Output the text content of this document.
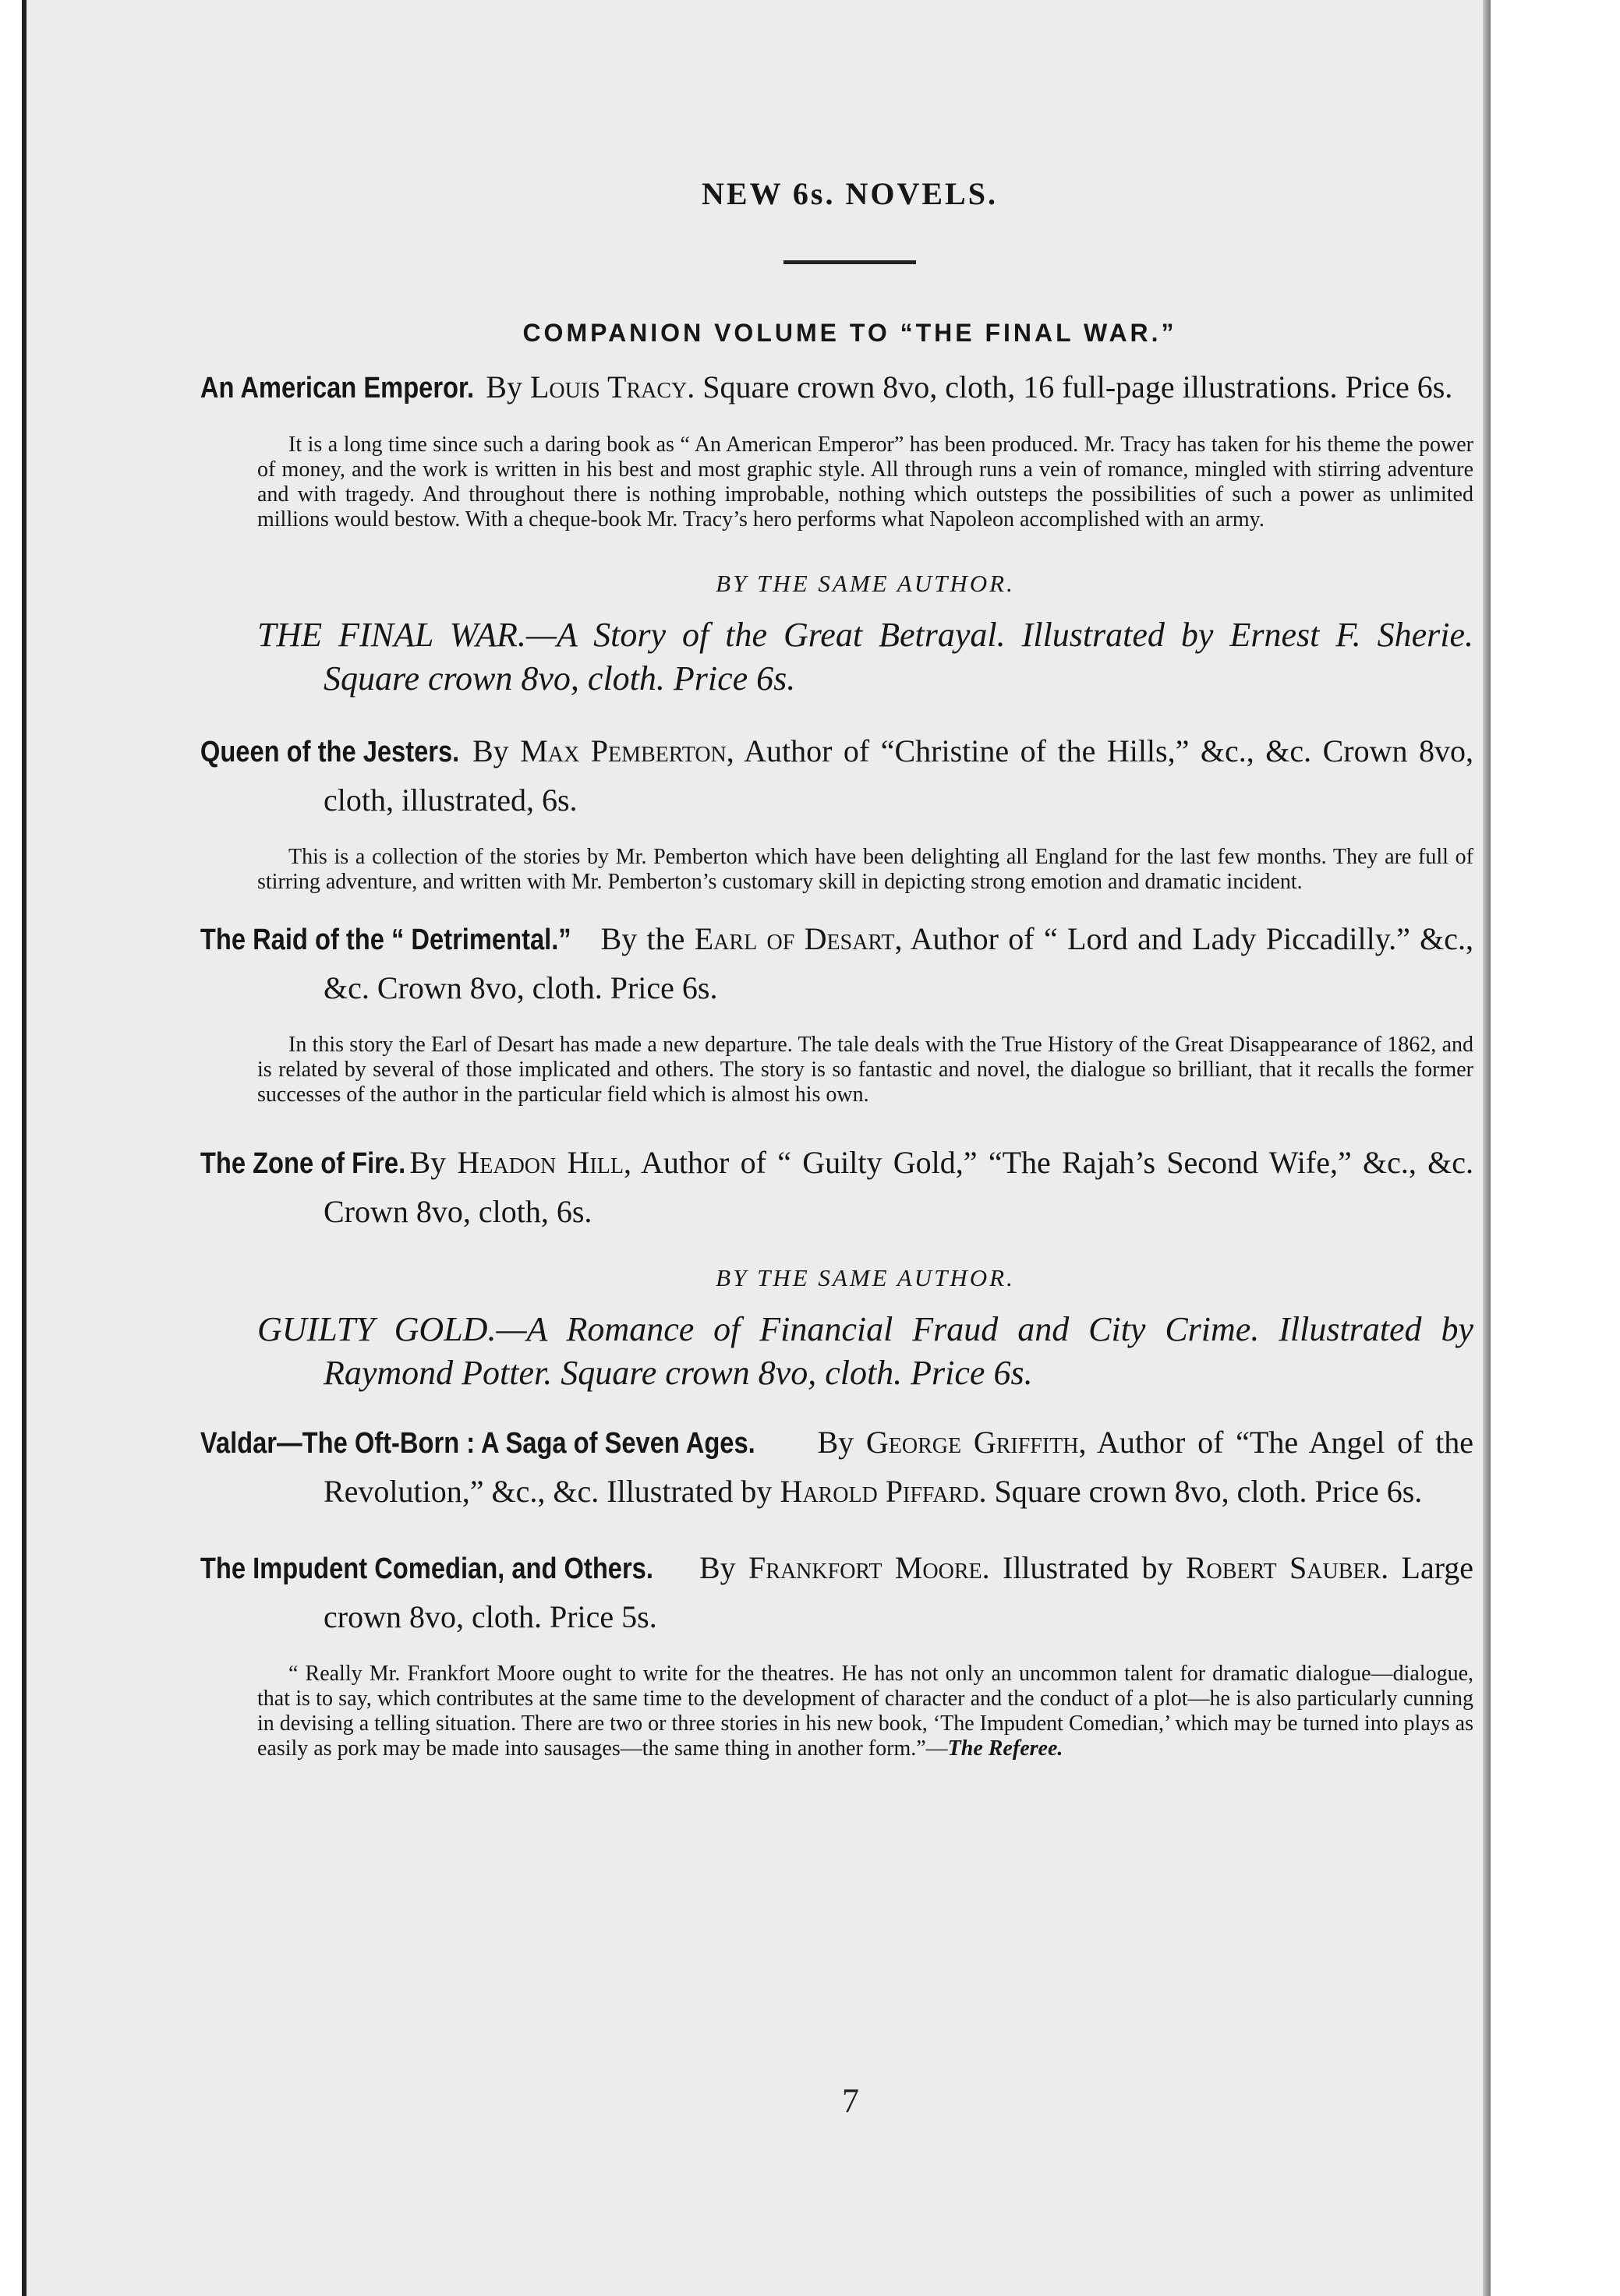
NEW 6s. NOVELS.
COMPANION VOLUME TO “THE FINAL WAR.”
An American Emperor. By Louis Tracy. Square crown 8vo, cloth, 16 full-page illustrations. Price 6s.
It is a long time since such a daring book as “ An American Emperor” has been produced. Mr. Tracy has taken for his theme the power of money, and the work is written in his best and most graphic style. All through runs a vein of romance, mingled with stirring adventure and with tragedy. And throughout there is nothing improbable, nothing which outsteps the possibilities of such a power as unlimited millions would bestow. With a cheque-book Mr. Tracy’s hero performs what Napoleon accomplished with an army.
BY THE SAME AUTHOR.
THE FINAL WAR.—A Story of the Great Betrayal. Illustrated by Ernest F. Sherie. Square crown 8vo, cloth. Price 6s.
Queen of the Jesters. By Max Pemberton, Author of “Christine of the Hills,” &c., &c. Crown 8vo, cloth, illustrated, 6s.
This is a collection of the stories by Mr. Pemberton which have been delighting all England for the last few months. They are full of stirring adventure, and written with Mr. Pemberton’s customary skill in depicting strong emotion and dramatic incident.
The Raid of the “ Detrimental.” By the Earl of Desart, Author of “ Lord and Lady Piccadilly.” &c., &c. Crown 8vo, cloth. Price 6s.
In this story the Earl of Desart has made a new departure. The tale deals with the True History of the Great Disappearance of 1862, and is related by several of those implicated and others. The story is so fantastic and novel, the dialogue so brilliant, that it recalls the former successes of the author in the particular field which is almost his own.
The Zone of Fire. By Headon Hill, Author of “ Guilty Gold,” “The Rajah’s Second Wife,” &c., &c. Crown 8vo, cloth, 6s.
BY THE SAME AUTHOR.
GUILTY GOLD.—A Romance of Financial Fraud and City Crime. Illustrated by Raymond Potter. Square crown 8vo, cloth. Price 6s.
Valdar—The Oft-Born : A Saga of Seven Ages. By George Griffith, Author of “The Angel of the Revolution,” &c., &c. Illustrated by Harold Piffard. Square crown 8vo, cloth. Price 6s.
The Impudent Comedian, and Others. By Frankfort Moore. Illustrated by Robert Sauber. Large crown 8vo, cloth. Price 5s.
“ Really Mr. Frankfort Moore ought to write for the theatres. He has not only an uncommon talent for dramatic dialogue—dialogue, that is to say, which contributes at the same time to the development of character and the conduct of a plot—he is also particularly cunning in devising a telling situation. There are two or three stories in his new book, ‘The Impudent Comedian,’ which may be turned into plays as easily as pork may be made into sausages—the same thing in another form.”—The Referee.
7
